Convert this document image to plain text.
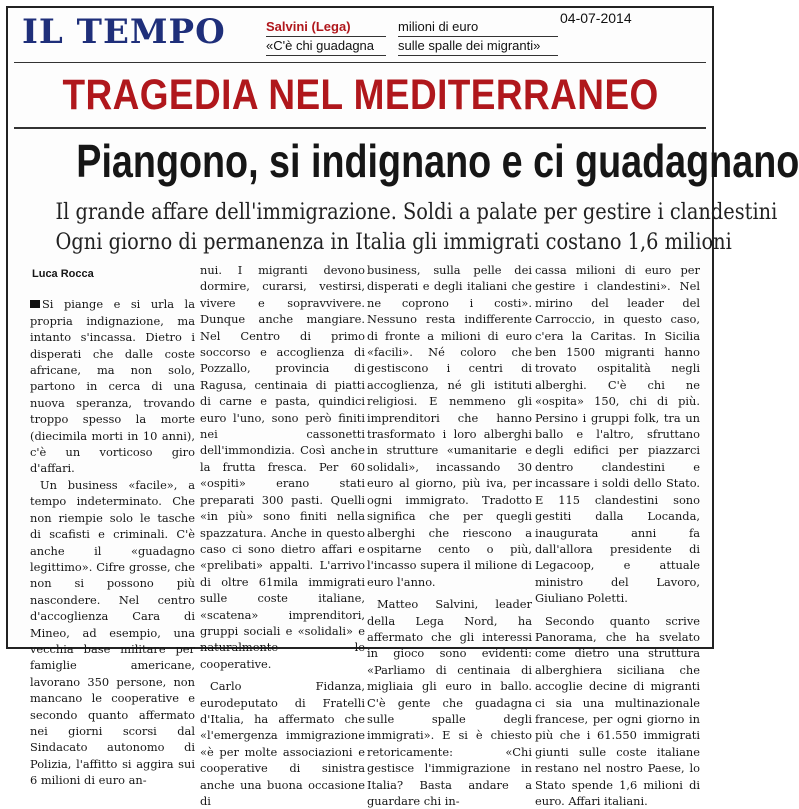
IL TEMPO	Salvini (Lega)
«C'è chi guadagna
milioni di euro
sulle spalle dei migranti»
04-07-2014
TRAGEDIA NEL MEDITERRANEO
Piangono, si indignano e ci guadagnano
Il grande affare dell'immigrazione. Soldi a palate per gestire i clandestini
Ogni giorno di permanenza in Italia gli immigrati costano 1,6 milioni
Luca Rocca

Si piange e si urla la propria indignazione, ma intanto s'incassa. Dietro i disperati che dalle coste africane, ma non solo, partono in cerca di una nuova speranza, trovando troppo spesso la morte (diecimila morti in 10 anni), c'è un vorticoso giro d'affari.

Un business «facile», a tempo indeterminato. Che non riempie solo le tasche di scafisti e criminali. C'è anche il «guadagno legittimo». Cifre grosse, che non si possono più nascondere. Nel centro d'accoglienza Cara di Mineo, ad esempio, una vecchia base militare per famiglie americane, lavorano 350 persone, non mancano le cooperative e secondo quanto affermato nei giorni scorsi dal Sindacato autonomo di Polizia, l'affitto si aggira sui 6 milioni di euro an-

nui. I migranti devono dormire, curarsi, vestirsi, vivere e sopravvivere. Dunque anche mangiare. Nel Centro di primo soccorso e accoglienza di Pozzallo, provincia di Ragusa, centinaia di piatti di carne e pasta, quindici euro l'uno, sono però finiti nei cassonetti dell'immondizia. Così anche la frutta fresca. Per 60 «ospiti» erano stati preparati 300 pasti. Quelli «in più» sono finiti nella spazzatura. Anche in questo caso ci sono dietro affari e «prelibati» appalti. L'arrivo di oltre 61mila immigrati sulle coste italiane, «scatena» imprenditori, gruppi sociali e «solidali» e naturalmente le cooperative.

Carlo Fidanza, eurodeputato di Fratelli d'Italia, ha affermato che «l'emergenza immigrazione «è per molte associazioni e cooperative di sinistra anche una buona occasione di

business, sulla pelle dei disperati e degli italiani che ne coprono i costi». Nessuno resta indifferente di fronte a milioni di euro «facili». Né coloro che gestiscono i centri di accoglienza, né gli istituti religiosi. E nemmeno gli imprenditori che hanno trasformato i loro alberghi in strutture «umanitarie e solidali», incassando 30 euro al giorno, più iva, per ogni immigrato. Tradotto significa che per quegli alberghi che riescono a ospitarne cento o più, l'incasso supera il milione di euro l'anno.

Matteo Salvini, leader della Lega Nord, ha affermato che gli interessi in gioco sono evidenti: «Parliamo di centinaia di migliaia gli euro in ballo. C'è gente che guadagna sulle spalle degli immigrati». E si è chiesto retoricamente: «Chi gestisce l'immigrazione in Italia? Basta andare a guardare chi in-

cassa milioni di euro per gestire i clandestini». Nel mirino del leader del Carroccio, in questo caso, c'era la Caritas. In Sicilia ben 1500 migranti hanno trovato ospitalità negli alberghi. C'è chi ne «ospita» 150, chi di più. Persino i gruppi folk, tra un ballo e l'altro, sfruttano degli edifici per piazzarci dentro clandestini e incassare i soldi dello Stato. E 115 clandestini sono gestiti dalla Locanda, inaugurata anni fa dall'allora presidente di Legacoop, e attuale ministro del Lavoro, Giuliano Poletti.

Secondo quanto scrive Panorama, che ha svelato come dietro una struttura alberghiera siciliana che accoglie decine di migranti ci sia una multinazionale francese, per ogni giorno in più che i 61.550 immigrati giunti sulle coste italiane restano nel nostro Paese, lo Stato spende 1,6 milioni di euro. Affari italiani.
